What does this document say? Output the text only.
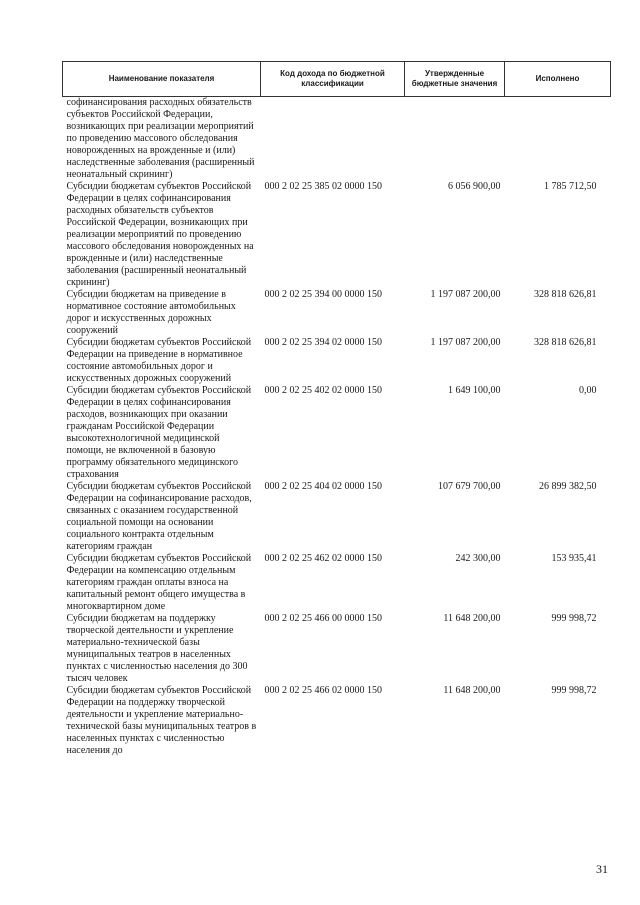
Наименование показателя	Код дохода по бюджетной классификации	Утвержденные бюджетные значения	Исполнено
софинансирования расходных обязательств субъектов Российской Федерации, возникающих при реализации мероприятий по проведению массового обследования новорожденных на врожденные и (или) наследственные заболевания (расширенный неонатальный скрининг)			
Субсидии бюджетам субъектов Российской Федерации в целях софинансирования расходных обязательств субъектов Российской Федерации, возникающих при реализации мероприятий по проведению массового обследования новорожденных на врожденные и (или) наследственные заболевания (расширенный неонатальный скрининг)	000 2 02 25 385 02 0000 150	6 056 900,00	1 785 712,50
Субсидии бюджетам на приведение в нормативное состояние автомобильных дорог и искусственных дорожных сооружений	000 2 02 25 394 00 0000 150	1 197 087 200,00	328 818 626,81
Субсидии бюджетам субъектов Российской Федерации на приведение в нормативное состояние автомобильных дорог и искусственных дорожных сооружений	000 2 02 25 394 02 0000 150	1 197 087 200,00	328 818 626,81
Субсидии бюджетам субъектов Российской Федерации в целях софинансирования расходов, возникающих при оказании гражданам Российской Федерации высокотехнологичной медицинской помощи, не включенной в базовую программу обязательного медицинского страхования	000 2 02 25 402 02 0000 150	1 649 100,00	0,00
Субсидии бюджетам субъектов Российской Федерации на софинансирование расходов, связанных с оказанием государственной социальной помощи на основании социального контракта отдельным категориям граждан	000 2 02 25 404 02 0000 150	107 679 700,00	26 899 382,50
Субсидии бюджетам субъектов Российской Федерации на компенсацию отдельным категориям граждан оплаты взноса на капитальный ремонт общего имущества в многоквартирном доме	000 2 02 25 462 02 0000 150	242 300,00	153 935,41
Субсидии бюджетам на поддержку творческой деятельности и укрепление материально-технической базы муниципальных театров в населенных пунктах с численностью населения до 300 тысяч человек	000 2 02 25 466 00 0000 150	11 648 200,00	999 998,72
Субсидии бюджетам субъектов Российской Федерации на поддержку творческой деятельности и укрепление материально-технической базы муниципальных театров в населенных пунктах с численностью населения до	000 2 02 25 466 02 0000 150	11 648 200,00	999 998,72
31
